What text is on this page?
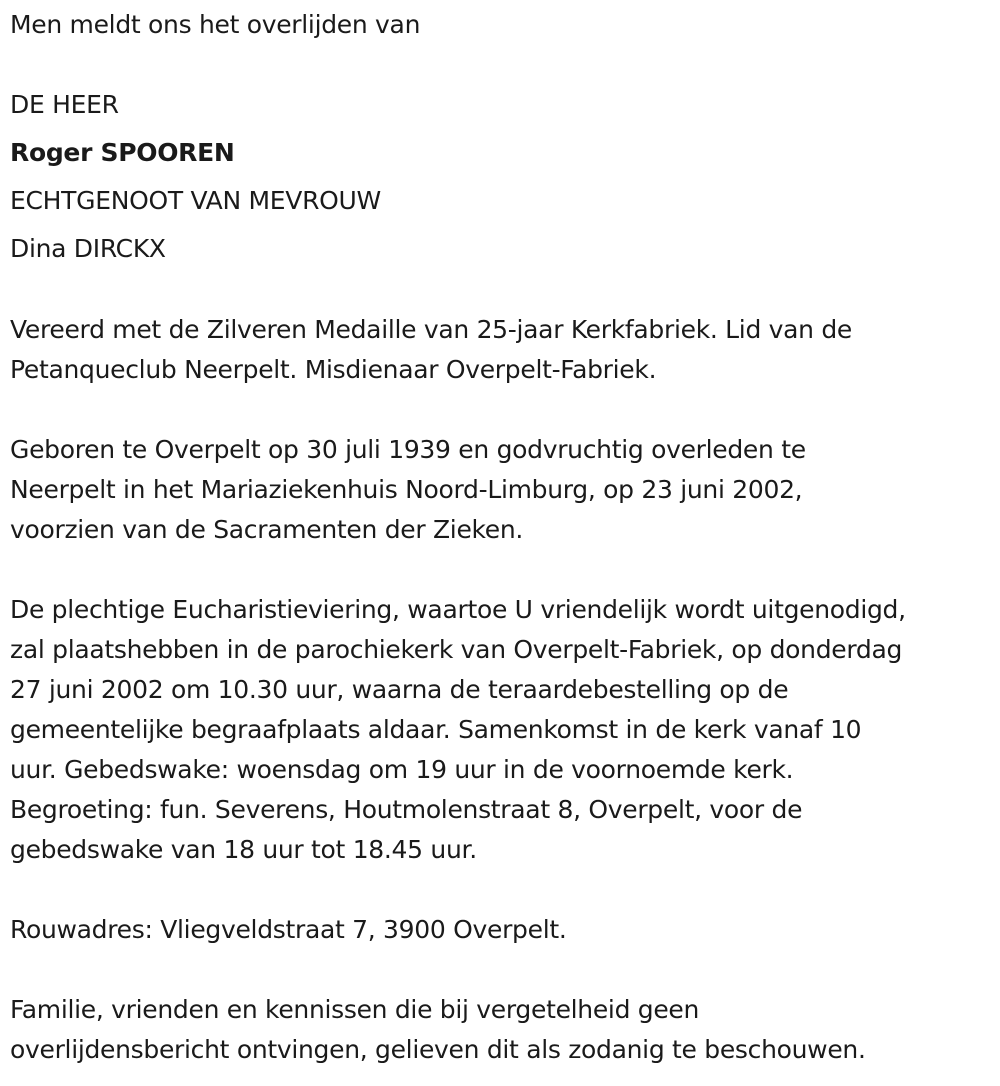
Men meldt ons het overlijden van
DE HEER
Roger SPOOREN
ECHTGENOOT VAN MEVROUW
Dina DIRCKX
Vereerd met de Zilveren Medaille van 25-jaar Kerkfabriek. Lid van de
Petanqueclub Neerpelt. Misdienaar Overpelt-Fabriek.
Geboren te Overpelt op 30 juli 1939 en godvruchtig overleden te
Neerpelt in het Mariaziekenhuis Noord-Limburg, op 23 juni 2002,
voorzien van de Sacramenten der Zieken.
De plechtige Eucharistieviering, waartoe U vriendelijk wordt uitgenodigd,
zal plaatshebben in de parochiekerk van Overpelt-Fabriek, op donderdag
27 juni 2002 om 10.30 uur, waarna de teraardebestelling op de
gemeentelijke begraafplaats aldaar. Samenkomst in de kerk vanaf 10
uur. Gebedswake: woensdag om 19 uur in de voornoemde kerk.
Begroeting: fun. Severens, Houtmolenstraat 8, Overpelt, voor de
gebedswake van 18 uur tot 18.45 uur.
Rouwadres: Vliegveldstraat 7, 3900 Overpelt.
Familie, vrienden en kennissen die bij vergetelheid geen
overlijdensbericht ontvingen, gelieven dit als zodanig te beschouwen.
